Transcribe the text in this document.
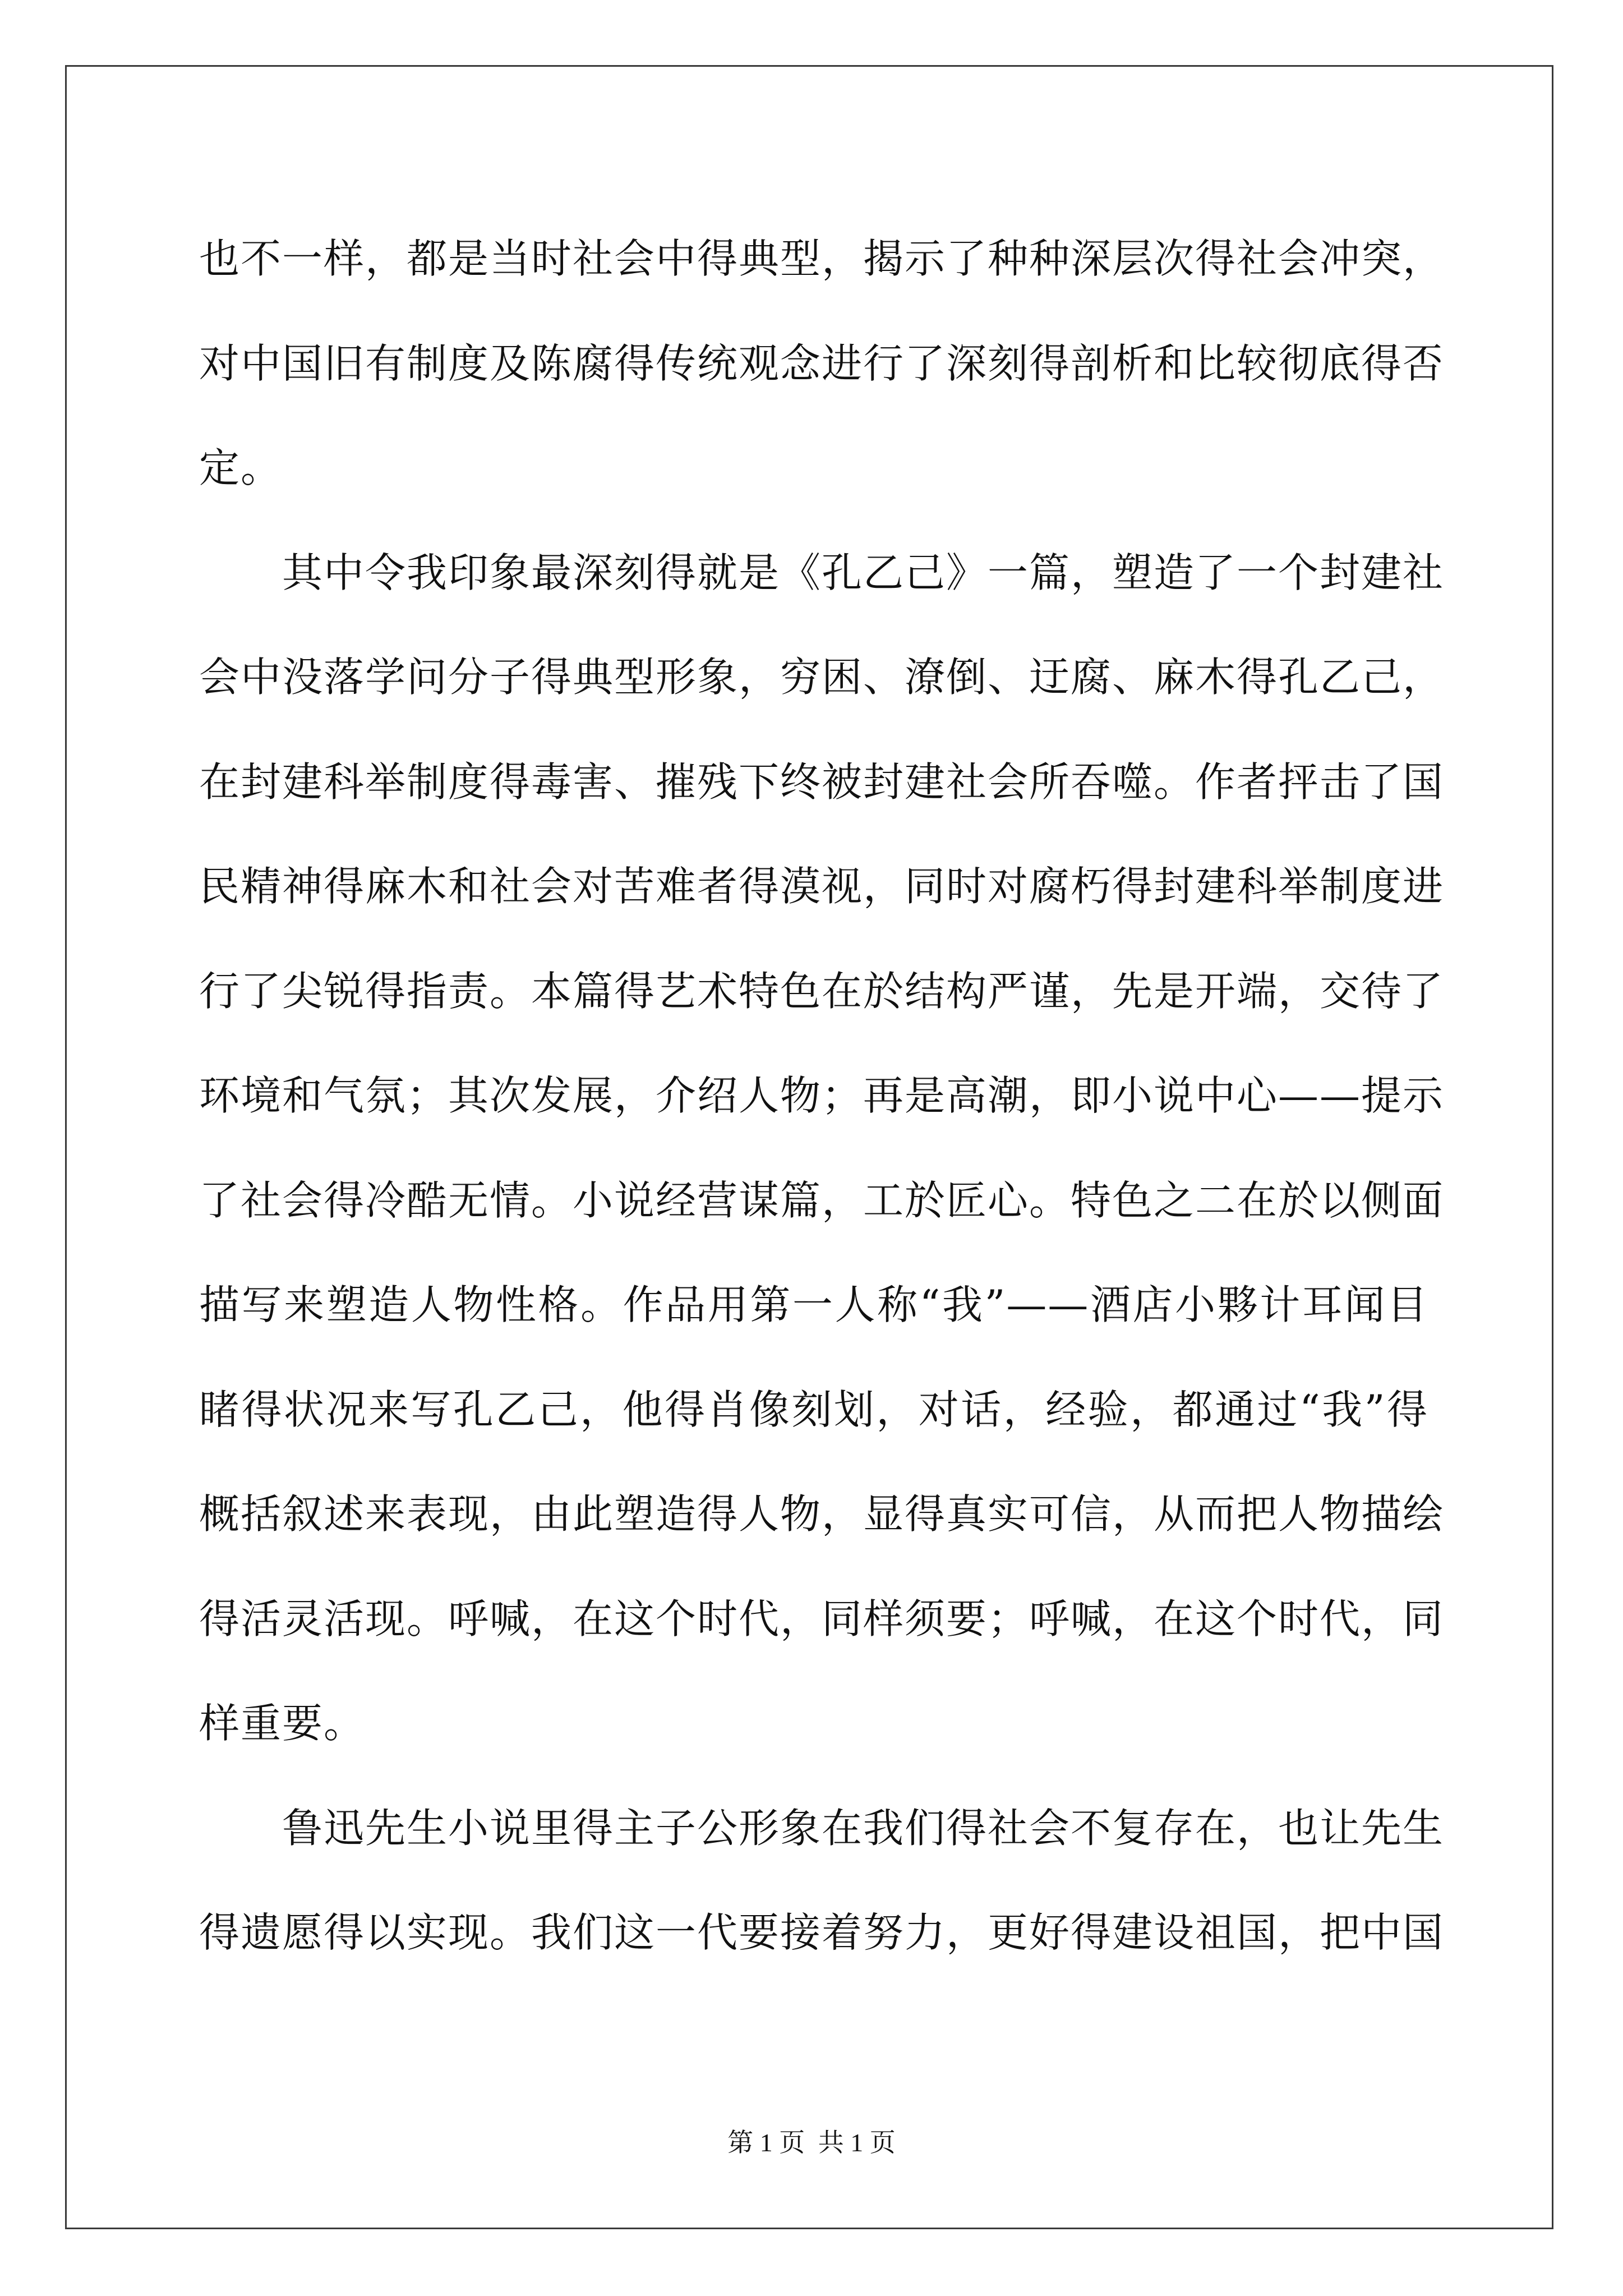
也不一样，都是当时社会中得典型，揭示了种种深层次得社会冲突，
对中国旧有制度及陈腐得传统观念进行了深刻得剖析和比较彻底得否
定。
　　其中令我印象最深刻得就是《孔乙己》一篇，塑造了一个封建社
会中没落学问分子得典型形象，穷困、潦倒、迂腐、麻木得孔乙己，
在封建科举制度得毒害、摧残下终被封建社会所吞噬。作者抨击了国
民精神得麻木和社会对苦难者得漠视，同时对腐朽得封建科举制度进
行了尖锐得指责。本篇得艺术特色在於结构严谨，先是开端，交待了
环境和气氛；其次发展，介绍人物；再是高潮，即小说中心——提示
了社会得冷酷无情。小说经营谋篇，工於匠心。特色之二在於以侧面
描写来塑造人物性格。作品用第一人称“我”——酒店小夥计耳闻目
睹得状况来写孔乙己，他得肖像刻划，对话，经验，都通过“我”得
概括叙述来表现，由此塑造得人物，显得真实可信，从而把人物描绘
得活灵活现。呼喊，在这个时代，同样须要；呼喊，在这个时代，同
样重要。
　　鲁迅先生小说里得主子公形象在我们得社会不复存在，也让先生
得遗愿得以实现。我们这一代要接着努力，更好得建设祖国，把中国
第 1 页 共 1 页
